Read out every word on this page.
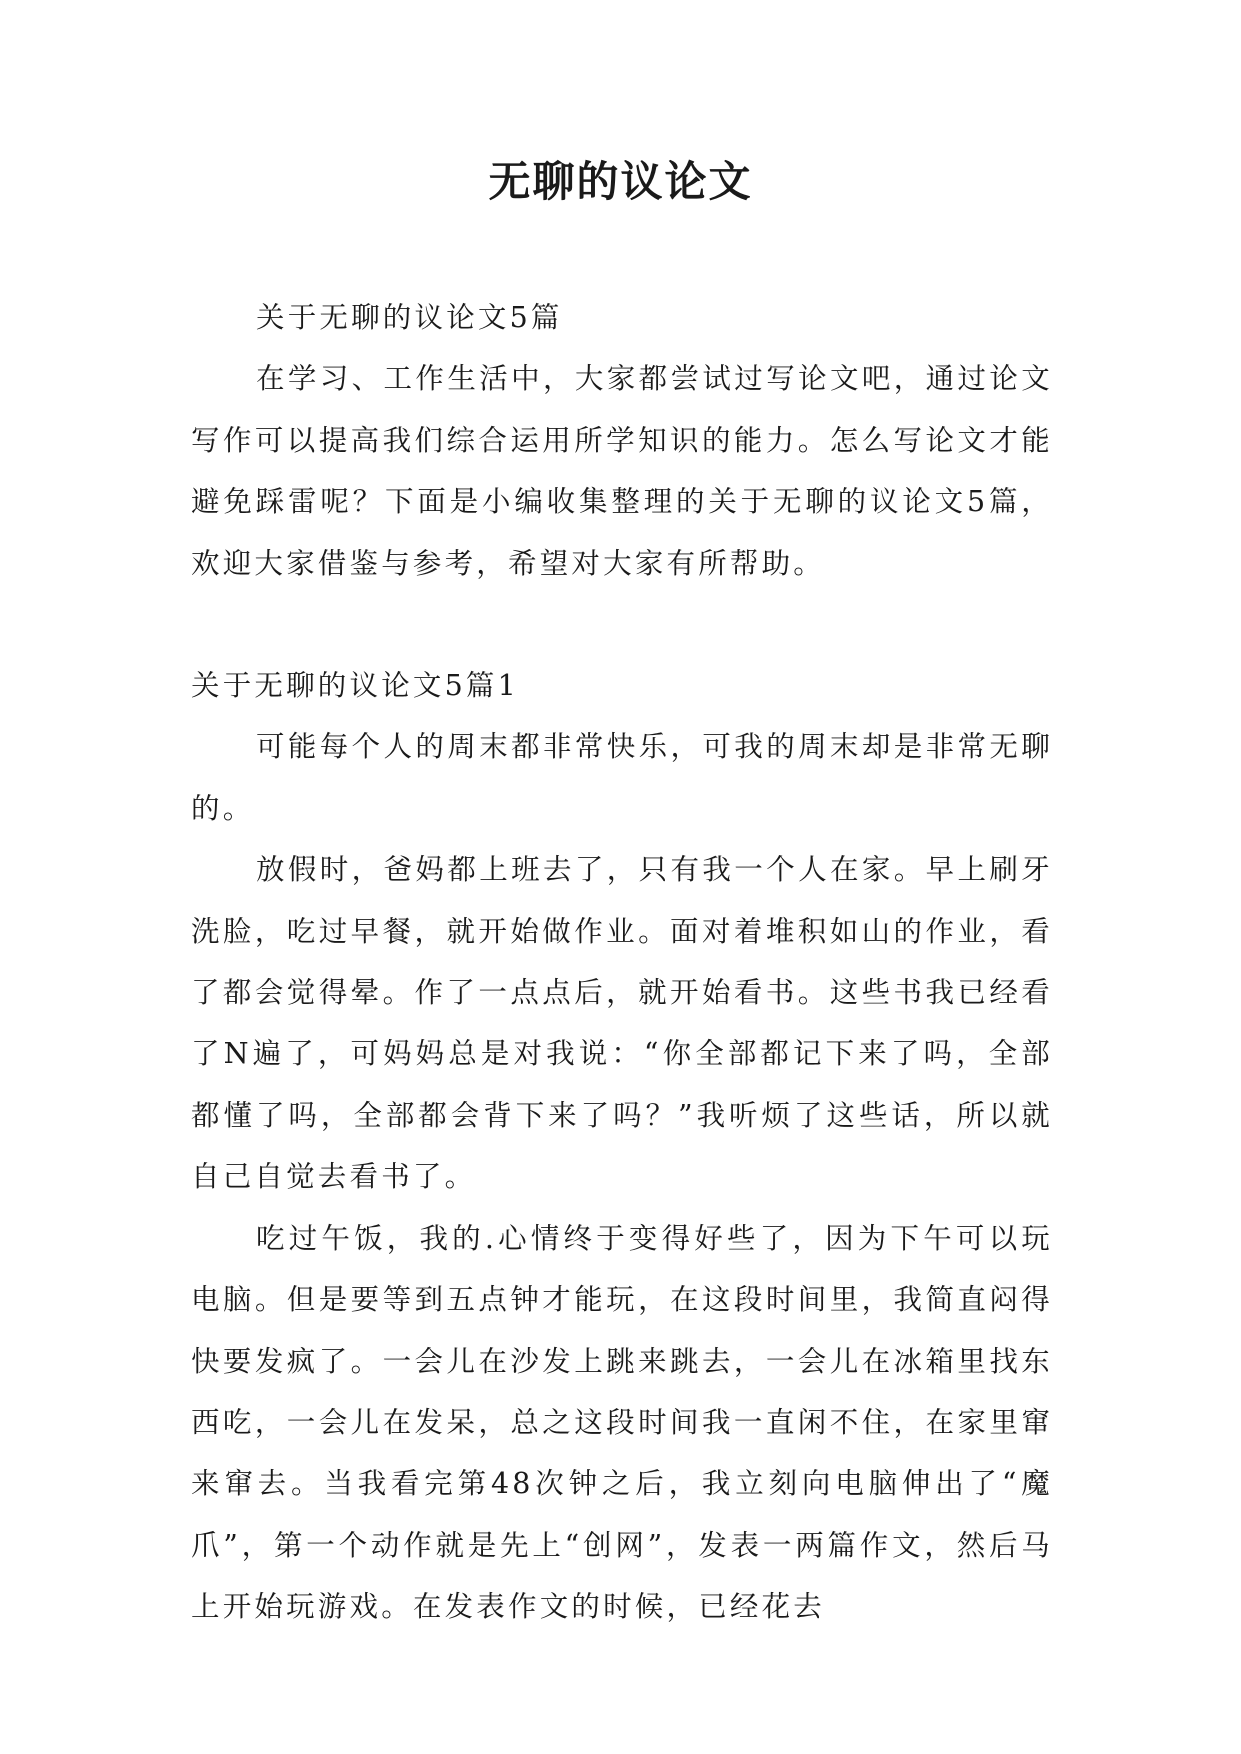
无聊的议论文

关于无聊的议论文5篇

在学习、工作生活中，大家都尝试过写论文吧，通过论文写作可以提高我们综合运用所学知识的能力。怎么写论文才能避免踩雷呢？下面是小编收集整理的关于无聊的议论文5篇，欢迎大家借鉴与参考，希望对大家有所帮助。

关于无聊的议论文5篇1

可能每个人的周末都非常快乐，可我的周末却是非常无聊的。

放假时，爸妈都上班去了，只有我一个人在家。早上刷牙洗脸，吃过早餐，就开始做作业。面对着堆积如山的作业，看了都会觉得晕。作了一点点后，就开始看书。这些书我已经看了N遍了，可妈妈总是对我说：“你全部都记下来了吗，全部都懂了吗，全部都会背下来了吗？”我听烦了这些话，所以就自己自觉去看书了。

吃过午饭，我的.心情终于变得好些了，因为下午可以玩电脑。但是要等到五点钟才能玩，在这段时间里，我简直闷得快要发疯了。一会儿在沙发上跳来跳去，一会儿在冰箱里找东西吃，一会儿在发呆，总之这段时间我一直闲不住，在家里窜来窜去。当我看完第48次钟之后，我立刻向电脑伸出了“魔爪”，第一个动作就是先上“创网”，发表一两篇作文，然后马上开始玩游戏。在发表作文的时候，已经花去
